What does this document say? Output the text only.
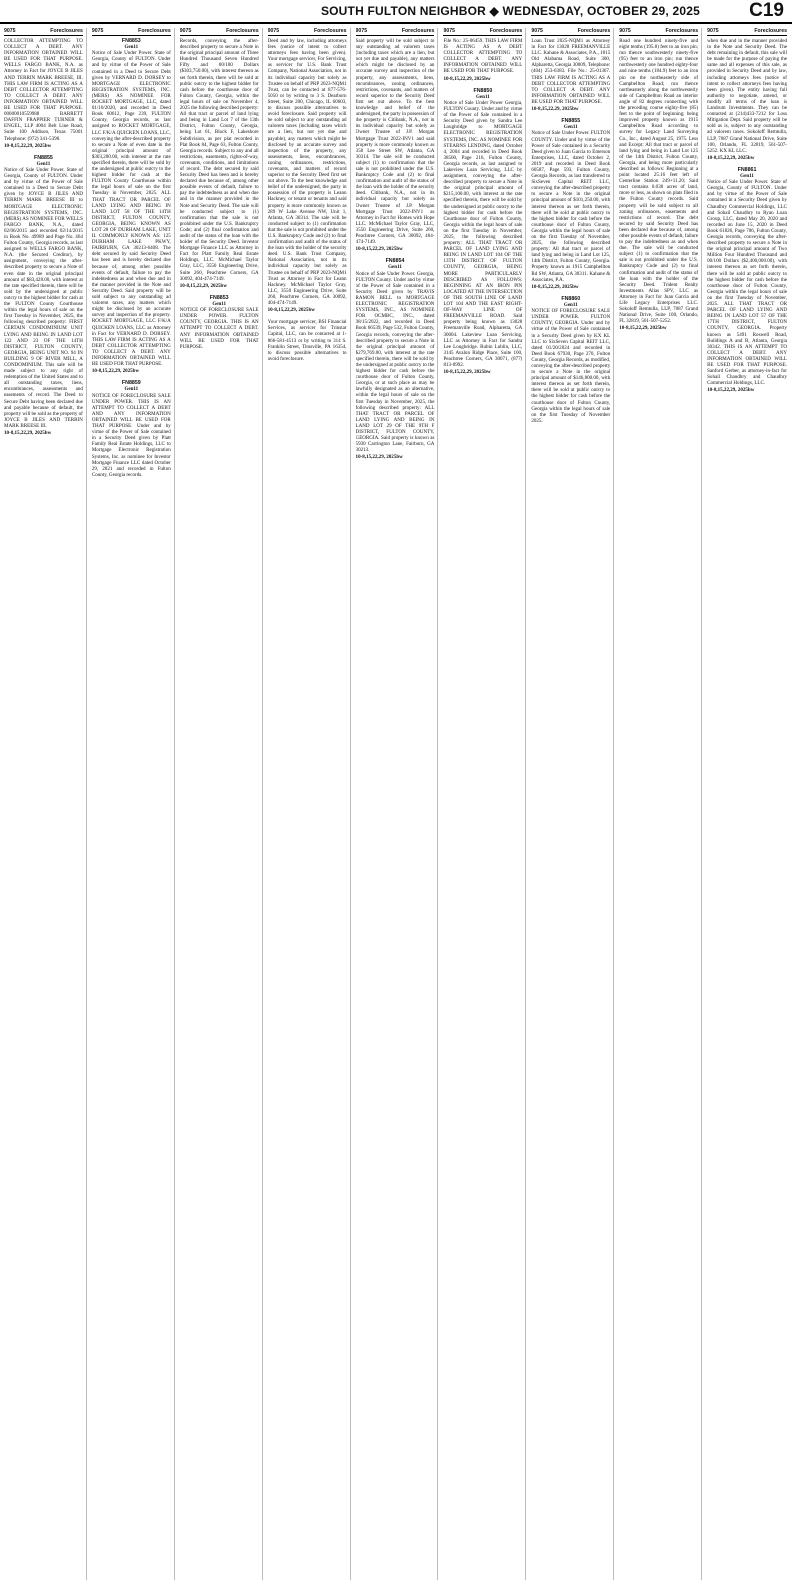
SOUTH FULTON NEIGHBOR ◆ WEDNESDAY, OCTOBER 29, 2025	C19
9075	Foreclosures

COLLECTOR ATTEMPTING TO COLLECT A DEBT. ANY INFORMATION OBTAINED WILL BE USED FOR THAT PURPOSE. WELLS FARGO BANK, N.A. as Attorney in Fact for JOYCE B JILES AND TERRIN MARK BREESE, III. THIS LAW FIRM IS ACTING AS A DEBT COLLECTOR ATTEMPTING TO COLLECT A DEBT. ANY INFORMATION OBTAINED WILL BE USED FOR THAT PURPOSE. 00000010559988 BARRETT DAFFIN FRAPPIER TURNER & ENGEL, LLP 4004 Belt Line Road, Suite 100 Addison, Texas 75001 Telephone: (972) 341-5398.

10-8,15,22,29, 2025bw
FN8855
Gen11

Notice of Sale Under Power. State of Georgia, County of FULTON. Under and by virtue of the Power of Sale contained in a Deed to Secure Debt given by JOYCE B JILES AND TERRIN MARK BREESE III to MORTGAGE ELECTRONIC REGISTRATION SYSTEMS, INC. (MERS) AS NOMINEE FOR WELLS FARGO BANK, N.A., dated 02/06/2015 and recorded 02/14/2015 in Book No. 49989 and Page No. 464 Fulton County, Georgia records, as last assigned to WELLS FARGO BANK, N.A. (the Secured Creditor), by assignment, conveying the after-described property to secure a Note of even date in the original principal amount of $83,428.00, with interest at the rate specified therein, there will be sold by the undersigned at public outcry to the highest bidder for cash at the FULTON County Courthouse within the legal hours of sale on the first Tuesday in November, 2025, the following described property: FIRST CERTAIN CONDOMINIUM UNIT LYING AND BEING IN LAND LOT 122 AND 23 OF THE 14TH DISTRICT, FULTON COUNTY, GEORGIA, BEING UNIT NO. 94 IN BUILDING 9 OF RIVER MILL, A CONDOMINIUM. This sale will be made subject to any right of redemption of the United States and to all outstanding taxes, liens, encumbrances, assessments and easements of record. The Deed to Secure Debt having been declared due and payable because of default, the property will be sold as the property of JOYCE B JILES AND TERRIN MARK BREESE III.

10-8,15,22,29, 2025bw
9075	Foreclosures
FN8853
Gen11

Notice of Sale Under Power. State of Georgia, County of FULTON. Under and by virtue of the Power of Sale contained in a Deed to Secure Debt given by VERNARD D. DORSEY to MORTGAGE ELECTRONIC REGISTRATION SYSTEMS, INC. (MERS) AS NOMINEE FOR ROCKET MORTGAGE, LLC, dated 01/10/2020, and recorded in Deed Book 60612, Page 239, FULTON County, Georgia records, as last assigned to ROCKET MORTGAGE, LLC F/K/A QUICKEN LOANS, LLC, conveying the after-described property to secure a Note of even date in the original principal amount of $303,200.00, with interest at the rate specified therein, there will be sold by the undersigned at public outcry to the highest bidder for cash at the FULTON County Courthouse within the legal hours of sale on the first Tuesday in November, 2025. ALL THAT TRACT OR PARCEL OF LAND LYING AND BEING IN LAND LOT 58 OF THE 14TH DISTRICT, FULTON COUNTY, GEORGIA, BEING KNOWN AS LOT 28 OF DURHAM LAKE, UNIT II. COMMONLY KNOWN AS: 125 DURHAM LAKE PKWY, FAIRBURN, GA 30213-6408. The debt secured by said Security Deed has been and is hereby declared due because of, among other possible events of default, failure to pay the indebtedness as and when due and in the manner provided in the Note and Security Deed. Said property will be sold subject to any outstanding ad valorem taxes, any matters which might be disclosed by an accurate survey and inspection of the property. ROCKET MORTGAGE, LLC F/K/A QUICKEN LOANS, LLC as Attorney in Fact for VERNARD D. DORSEY. THIS LAW FIRM IS ACTING AS A DEBT COLLECTOR ATTEMPTING TO COLLECT A DEBT. ANY INFORMATION OBTAINED WILL BE USED FOR THAT PURPOSE.

10-8,15,22,29, 2025bw
FN8859
Gen11

NOTICE OF FORECLOSURE SALE UNDER POWER. THIS IS AN ATTEMPT TO COLLECT A DEBT AND ANY INFORMATION OBTAINED WILL BE USED FOR THAT PURPOSE. Under and by virtue of the Power of Sale contained in a Security Deed given by Platt Family Real Estate Holdings, LLC to Mortgage Electronic Registration Systems, Inc. as nominee for Investor Mortgage Finance LLC dated October 29, 2021 and recorded in Fulton County, Georgia records.

9075	Foreclosures

Records, conveying the after-described property to secure a Note in the original principal amount of Three Hundred Thousand Seven Hundred Fifty and 00/100 Dollars ($303,750.00), with interest thereon as set forth therein, there will be sold at public outcry to the highest bidder for cash before the courthouse door of Fulton County, Georgia, within the legal hours of sale on November 4, 2025 the following described property: All that tract or parcel of land lying and being in Land Lot 7 of the 13th District, Fulton County, Georgia, being Lot 61, Block F, Lakeshore Subdivision, as per plat recorded in Plat Book 84, Page 63, Fulton County, Georgia records. Subject to any and all restrictions, easements, rights-of-way, covenants, conditions, and limitations of record. The debt secured by said Security Deed has been and is hereby declared due because of, among other possible events of default, failure to pay the indebtedness as and when due and in the manner provided in the Note and Security Deed. The sale will be conducted subject to (1) confirmation that the sale is not prohibited under the U.S. Bankruptcy Code; and (2) final confirmation and audit of the status of the loan with the holder of the Security Deed. Investor Mortgage Finance LLC as Attorney in Fact for Platt Family Real Estate Holdings, LLC. McMichael Taylor Gray, LLC, 3550 Engineering Drive, Suite 260, Peachtree Corners, GA 30092, 404-474-7149.

10-8,15,22,29, 2025bw
FN8853
Gen11

NOTICE OF FORECLOSURE SALE UNDER POWER. FULTON COUNTY, GEORGIA. THIS IS AN ATTEMPT TO COLLECT A DEBT. ANY INFORMATION OBTAINED WILL BE USED FOR THAT PURPOSE.

9075	Foreclosures

Deed and by law, including attorneys fees (notice of intent to collect attorneys fees having been given). Your mortgage servicer, For Servicing, as servicer for U.S. Bank Trust Company, National Association, not in its individual capacity but solely as Trustee on behalf of PRP 2023-NQM1 Trust, can be contacted at 877-576-5050 or by writing to 3 S. Dearborn Street, Suite 200, Chicago, IL 60603, to discuss possible alternatives to avoid foreclosure. Said property will be sold subject to any outstanding ad valorem taxes (including taxes which are a lien, but not yet due and payable), any matters which might be disclosed by an accurate survey and inspection of the property, any assessments, liens, encumbrances, zoning ordinances, restrictions, covenants, and matters of record superior to the Security Deed first set out above. To the best knowledge and belief of the undersigned, the party in possession of the property is Leann Hackney, or tenant or tenants and said property is more commonly known as 289 W Lake Avenue NW, Unit 1, Atlanta, GA 30314. The sale will be conducted subject to (1) confirmation that the sale is not prohibited under the U.S. Bankruptcy Code and (2) to final confirmation and audit of the status of the loan with the holder of the security deed. U.S. Bank Trust Company, National Association, not in its individual capacity but solely as Trustee on behalf of PRP 2023-NQM1 Trust as Attorney in Fact for Leann Hackney. McMichael Taylor Gray, LLC, 3550 Engineering Drive, Suite 260, Peachtree Corners, GA 30092, 404-474-7149.

10-8,15,22,29, 2025bw

Your mortgage servicer, BSI Financial Services, as servicer for Trinstar Capital, LLC, can be contacted at 1-866-581-4513 or by writing to 314 S. Franklin Street, Titusville, PA 16354, to discuss possible alternatives to avoid foreclosure.

9075	Foreclosures

Said property will be sold subject to any outstanding ad valorem taxes (including taxes which are a lien, but not yet due and payable), any matters which might be disclosed by an accurate survey and inspection of the property, any assessments, liens, encumbrances, zoning ordinances, restrictions, covenants, and matters of record superior to the Security Deed first set out above. To the best knowledge and belief of the undersigned, the party in possession of the property is Citibank, N.A., not in its individual capacity but solely as Owner Trustee of J.P. Morgan Mortgage Trust 2022-INV1 and said property is more commonly known as 358 Lee Street SW, Atlanta, GA 30314. The sale will be conducted subject (1) to confirmation that the sale is not prohibited under the U.S. Bankruptcy Code and (2) to final confirmation and audit of the status of the loan with the holder of the security deed. Citibank, N.A., not in its individual capacity but solely as Owner Trustee of J.P. Morgan Mortgage Trust 2022-INV1 as Attorney in Fact for Homes with Hope LLC. McMichael Taylor Gray, LLC, 3550 Engineering Drive, Suite 260, Peachtree Corners, GA 30092, 404-474-7149.

10-8,15,22,29, 2025bw
FN8854
Gen11

Notice of Sale Under Power. Georgia, FULTON County. Under and by virtue of the Power of Sale contained in a Security Deed given by TRAVIS RAMON BELL to MORTGAGE ELECTRONIC REGISTRATION SYSTEMS, INC., AS NOMINEE FOR OCMBC, INC., dated 08/15/2022, and recorded in Deed Book 66539, Page 532, Fulton County, Georgia records, conveying the after-described property to secure a Note in the original principal amount of $279,769.00, with interest at the rate specified therein, there will be sold by the undersigned at public outcry to the highest bidder for cash before the courthouse door of Fulton County, Georgia, or at such place as may be lawfully designated as an alternative, within the legal hours of sale on the first Tuesday in November, 2025, the following described property: ALL THAT TRACT OR PARCEL OF LAND LYING AND BEING IN LAND LOT 29 OF THE 9TH F DISTRICT, FULTON COUNTY, GEORGIA. Said property is known as 5930 Carrington Lane, Fairburn, GA 30213.

10-8,15,22,29, 2025bw
9075	Foreclosures

File No.: 25-06459. THIS LAW FIRM IS ACTING AS A DEBT COLLECTOR ATTEMPTING TO COLLECT A DEBT. ANY INFORMATION OBTAINED WILL BE USED FOR THAT PURPOSE.

10-8,15,22,29, 2025bw
FN8850
Gen11

Notice of Sale Under Power Georgia, FULTON County. Under and by virtue of the Power of Sale contained in a Security Deed given by Sandra Lee Loughridge to MORTGAGE ELECTRONIC REGISTRATION SYSTEMS, INC. AS NOMINEE FOR STEARNS LENDING, dated October 4, 2004 and recorded in Deed Book 38500, Page 216, Fulton County, Georgia records, as last assigned to Lakeview Loan Servicing, LLC by assignment, conveying the after-described property to secure a Note in the original principal amount of $215,100.00, with interest at the rate specified therein, there will be sold by the undersigned at public outcry to the highest bidder for cash before the Courthouse door of Fulton County, Georgia within the legal hours of sale on the first Tuesday in November, 2025, the following described property: ALL THAT TRACT OR PARCEL OF LAND LYING AND BEING IN LAND LOT 104 OF THE 13TH DISTRICT OF FULTON COUNTY, GEORGIA, BEING MORE PARTICULARLY DESCRIBED AS FOLLOWS: BEGINNING AT AN IRON PIN LOCATED AT THE INTERSECTION OF THE SOUTH LINE OF LAND LOT 104 AND THE EAST RIGHT-OF-WAY LINE OF FREEMANVILLE ROAD. Said property being known as 13028 Freemanville Road, Alpharetta, GA 30004. Lakeview Loan Servicing, LLC as Attorney in Fact for Sandra Lee Loughridge. Rubin Lublin, LLC, 3145 Avalon Ridge Place, Suite 100, Peachtree Corners, GA 30071, (877) 813-0992.

10-8,15,22,29, 2025bw
9075	Foreclosures

Loan Trust 2025-NQM1 as Attorney in Fact for 13028 FREEMANVILLE LLC. Kahane & Associates, P.A., 1815 Old Alabama Road, Suite 300, Alpharetta, Georgia 30009, Telephone: (404) 253-6383. File No.: 25-01367. THIS LAW FIRM IS ACTING AS A DEBT COLLECTOR ATTEMPTING TO COLLECT A DEBT. ANY INFORMATION OBTAINED WILL BE USED FOR THAT PURPOSE.

10-8,15,22,29, 2025bw
FN8855
Gen11

Notice of Sale Under Power. FULTON COUNTY. Under and by virtue of the Power of Sale contained in a Security Deed given to Juan Garcia to Emerson Enterprises, LLC, dated October 2, 2019 and recorded in Deed Book 60587, Page 593, Fulton County, Georgia Records, as last transferred to SixSeven Capital REIT LLC, conveying the after-described property to secure a Note in the original principal amount of $101,250.00, with interest thereon as set forth therein, there will be sold at public outcry to the highest bidder for cash before the courthouse door of Fulton County, Georgia within the legal hours of sale on the first Tuesday of November, 2025, the following described property: All that tract or parcel of land lying and being in Land Lot 125, 14th District, Fulton County, Georgia. Property known as 1915 Campbellton Rd SW, Atlanta, GA 30311. Kahane & Associates, P.A.

10-8,15,22,29, 2025bw
FN8860
Gen11

NOTICE OF FORECLOSURE SALE UNDER POWER. FULTON COUNTY, GEORGIA. Under and by virtue of the Power of Sale contained in a Security Deed given by KX KL LLC to SixSeven Capital REIT LLC, dated 01/20/2024 and recorded in Deed Book 67930, Page 270, Fulton County, Georgia Records, as modified, conveying the after-described property to secure a Note in the original principal amount of $146,800.00, with interest thereon as set forth therein, there will be sold at public outcry to the highest bidder for cash before the courthouse door of Fulton County, Georgia within the legal hours of sale on the first Tuesday of November 2025.

9075	Foreclosures

Road one hundred ninety-five and eight tenths (195.8) feet to an iron pin; run thence southwesterly ninety-five (95) feet to an iron pin; run thence northwesterly one hundred eighty-four and nine tenths (184.9) feet to an iron pin on the northeasterly side of Campbellton Road; run thence northeasterly along the northwesterly side of Campbellton Road an interior angle of 82 degrees connecting with the preceding course eighty-five (85) feet to the point of beginning; being improved property known as 1915 Campbellton Road according to survey for Legacy Land Surveying Co., Inc., dated August 25, 1975. Less and Except: All that tract or parcel of land lying and being in Land Lot 125 of the 14th District, Fulton County, Georgia, and being more particularly described as follows: Beginning at a point located 25.16 feet left of Centerline Station 249+11.20; Said tract contains 0.030 acres of land, more or less, as shown on plats filed in the Fulton County records. Said property will be sold subject to all zoning ordinances, easements and restrictions of record. The debt secured by said Security Deed has been declared due because of, among other possible events of default, failure to pay the indebtedness as and when due. The sale will be conducted subject (1) to confirmation that the sale is not prohibited under the U.S. Bankruptcy Code and (2) to final confirmation and audit of the status of the loan with the holder of the Security Deed. Trident Realty Investments Alias SPV, LLC as Attorney in Fact for Juan Garcia and Life Legacy Enterprises LLC. Sokoloff Remtulla, LLP, 7087 Grand National Drive, Suite 100, Orlando, FL 32819, 561-507-5252.

10-8,15,22,29, 2025bw
9075	Foreclosures

when due and in the manner provided in the Note and Security Deed. The debt remaining in default, this sale will be made for the purpose of paying the same and all expenses of this sale, as provided in Security Deed and by law, including attorneys fees (notice of intent to collect attorneys fees having been given). The entity having full authority to negotiate, amend, or modify all terms of the loan is Landrum Investments. They can be contacted at (214)433-7212 for Loss Mitigation Dept. Said property will be sold as is, subject to any outstanding ad valorem taxes. Sokoloff Remtulla, LLP, 7087 Grand National Drive, Suite 100, Orlando, FL 32819, 561-507-5252. KX KL LLC.

10-8,15,22,29, 2025bw
FN8861
Gen11

Notice of Sale Under Power. State of Georgia, County of FULTON. Under and by virtue of the Power of Sale contained in a Security Deed given by Chaudhry Commercial Holdings, LLC and Sohail Chaudhry to Ryan Loan Group, LLC, dated May 20, 2020 and recorded on June 15, 2020 in Deed Book 61826, Page 706, Fulton County, Georgia records, conveying the after-described property to secure a Note in the original principal amount of Two Million Four Hundred Thousand and 00/100 Dollars ($2,400,000.00), with interest thereon as set forth therein, there will be sold at public outcry to the highest bidder for cash before the courthouse door of Fulton County, Georgia within the legal hours of sale on the first Tuesday of November, 2025. ALL THAT TRACT OR PARCEL OF LAND LYING AND BEING IN LAND LOT 57 OF THE 17TH DISTRICT, FULTON COUNTY, GEORGIA. Property known as 5491 Roswell Road, Buildings A and B, Atlanta, Georgia 30342. THIS IS AN ATTEMPT TO COLLECT A DEBT. ANY INFORMATION OBTAINED WILL BE USED FOR THAT PURPOSE. Sanford Gerber, as attorney-in-fact for Sohail Chaudhry and Chaudhry Commercial Holdings, LLC.

10-8,15,22,29, 2025bw
